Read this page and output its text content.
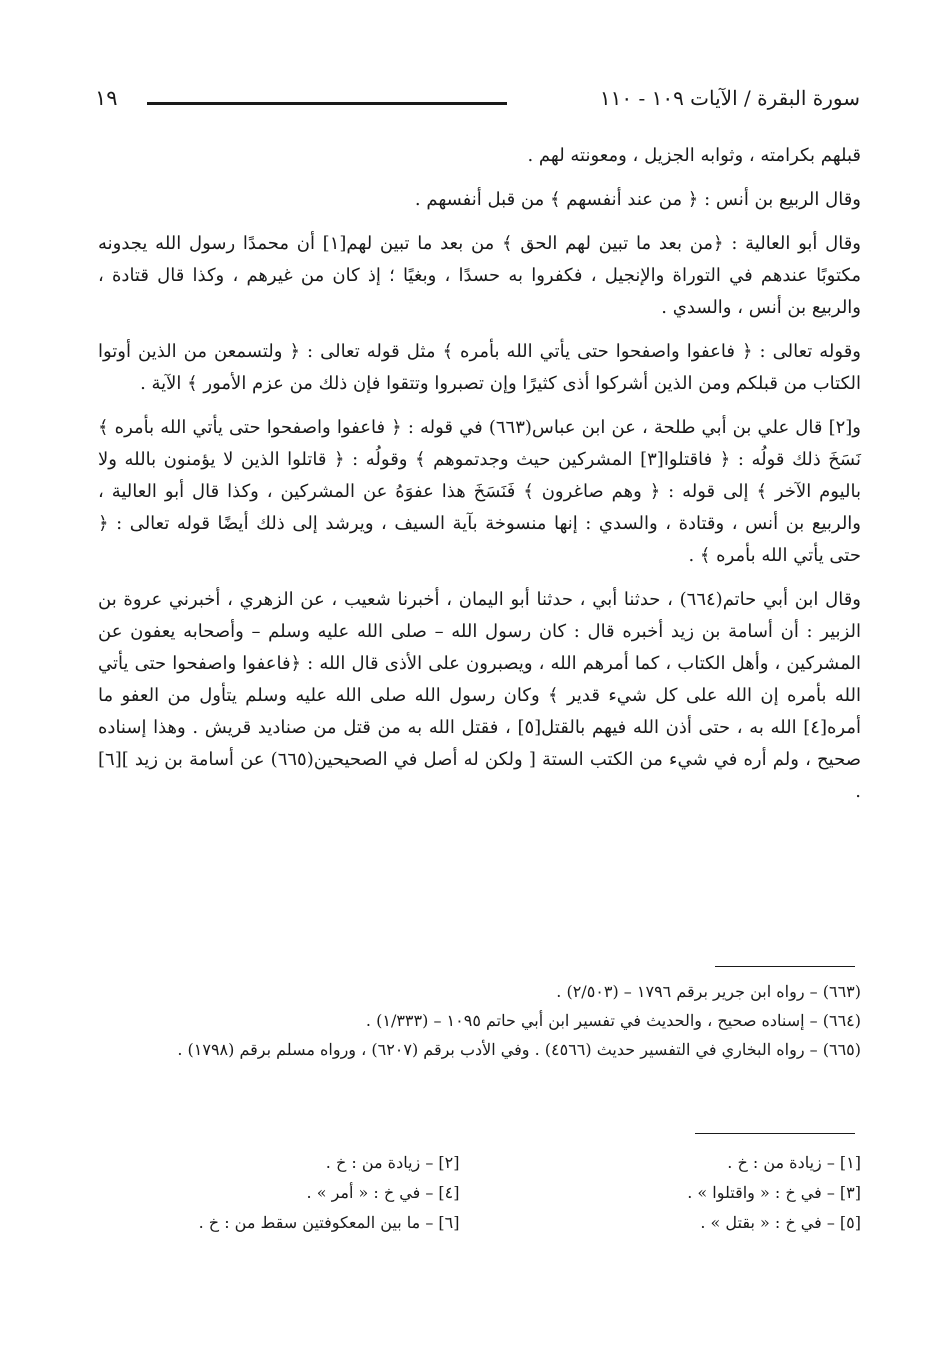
سورة البقرة / الآيات ١٠٩ - ١١٠
١٩

قبلهم بكرامته ، وثوابه الجزيل ، ومعونته لهم .

وقال الربيع بن أنس : ﴿ من عند أنفسهم ﴾ من قبل أنفسهم .

وقال أبو العالية : ﴿من بعد ما تبين لهم الحق ﴾ من بعد ما تبين لهم[١] أن محمدًا رسول الله يجدونه مكتوبًا عندهم في التوراة والإنجيل ، فكفروا به حسدًا ، وبغيًا ؛ إذ كان من غيرهم ، وكذا قال قتادة ، والربيع بن أنس ، والسدي .

وقوله تعالى : ﴿ فاعفوا واصفحوا حتى يأتي الله بأمره ﴾ مثل قوله تعالى : ﴿ ولتسمعن من الذين أوتوا الكتاب من قبلكم ومن الذين أشركوا أذى كثيرًا وإن تصبروا وتتقوا فإن ذلك من عزم الأمور ﴾ الآية .

و[٢] قال علي بن أبي طلحة ، عن ابن عباس(٦٦٣) في قوله : ﴿ فاعفوا واصفحوا حتى يأتي الله بأمره ﴾ نَسَخَ ذلك قولُه : ﴿ فاقتلوا[٣] المشركين حيث وجدتموهم ﴾ وقولُه : ﴿ قاتلوا الذين لا يؤمنون بالله ولا باليوم الآخر ﴾ إلى قوله : ﴿ وهم صاغرون ﴾ فَنَسَخَ هذا عفوَهُ عن المشركين ، وكذا قال أبو العالية ، والربيع بن أنس ، وقتادة ، والسدي : إنها منسوخة بآية السيف ، ويرشد إلى ذلك أيضًا قوله تعالى : ﴿ حتى يأتي الله بأمره ﴾ .

وقال ابن أبي حاتم(٦٦٤) ، حدثنا أبي ، حدثنا أبو اليمان ، أخبرنا شعيب ، عن الزهري ، أخبرني عروة بن الزبير : أن أسامة بن زيد أخبره قال : كان رسول الله – صلى الله عليه وسلم – وأصحابه يعفون عن المشركين ، وأهل الكتاب ، كما أمرهم الله ، ويصبرون على الأذى قال الله : ﴿فاعفوا واصفحوا حتى يأتي الله بأمره إن الله على كل شيء قدير ﴾ وكان رسول الله صلى الله عليه وسلم يتأول من العفو ما أمره[٤] الله به ، حتى أذن الله فيهم بالقتل[٥] ، فقتل الله به من قتل من صناديد قريش . وهذا إسناده صحيح ، ولم أره في شيء من الكتب الستة [ ولكن له أصل في الصحيحين(٦٦٥) عن أسامة بن زيد ][٦] .

(٦٦٣) – رواه ابن جرير برقم ١٧٩٦ – (٢/٥٠٣) .

(٦٦٤) – إسناده صحيح ، والحديث في تفسير ابن أبي حاتم ١٠٩٥ – (١/٣٣٣) .

(٦٦٥) – رواه البخاري في التفسير حديث (٤٥٦٦) . وفي الأدب برقم (٦٢٠٧) ، ورواه مسلم برقم (١٧٩٨) .

[١] – زيادة من : خ .
[٢] – زيادة من : خ .
[٣] – في خ : « واقتلوا » .
[٤] – في خ : « أمر » .
[٥] – في خ : « بقتل » .
[٦] – ما بين المعكوفتين سقط من : خ .
